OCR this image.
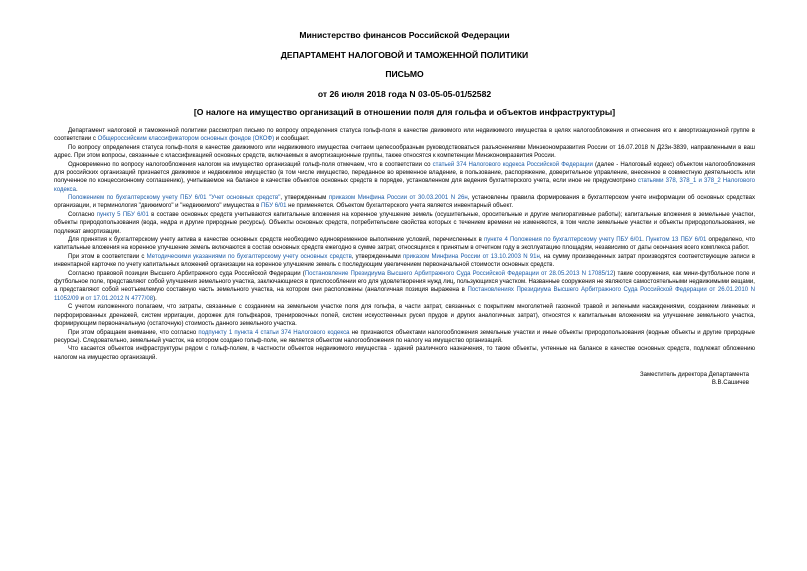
Министерство финансов Российской Федерации
ДЕПАРТАМЕНТ НАЛОГОВОЙ И ТАМОЖЕННОЙ ПОЛИТИКИ
ПИСЬМО
от 26 июля 2018 года N 03-05-05-01/52582
[О налоге на имущество организаций в отношении поля для гольфа и объектов инфраструктуры]

Департамент налоговой и таможенной политики рассмотрел письмо по вопросу определения статуса гольф-поля в качестве движимого или недвижимого имущества в целях налогообложения и отнесения его к амортизационной группе в соответствии с Общероссийским классификатором основных фондов (ОКОФ) и сообщает.

По вопросу определения статуса гольф-поля в качестве движимого или недвижимого имущества считаем целесообразным руководствоваться разъяснениями Минэкономразвития России от 16.07.2018 N Д23и-3839, направленными в ваш адрес. При этом вопросы, связанные с классификацией основных средств, включаемых в амортизационные группы, также относятся к компетенции Минэкономразвития России.

Одновременно по вопросу налогообложения налогом на имущество организаций гольф-поля отмечаем, что в соответствии со статьей 374 Налогового кодекса Российской Федерации (далее - Налоговый кодекс) объектом налогообложения для российских организаций признается движимое и недвижимое имущество (в том числе имущество, переданное во временное владение, в пользование, распоряжение, доверительное управление, внесенное в совместную деятельность или полученное по концессионному соглашению), учитываемое на балансе в качестве объектов основных средств в порядке, установленном для ведения бухгалтерского учета, если иное не предусмотрено статьями 378, 378_1 и 378_2 Налогового кодекса.

Положением по бухгалтерскому учету ПБУ 6/01 "Учет основных средств", утвержденным приказом Минфина России от 30.03.2001 N 26н, установлены правила формирования в бухгалтерском учете информации об основных средствах организации, и терминология "движимого" и "недвижимого" имущества в ПБУ 6/01 не применяется. Объектом бухгалтерского учета является инвентарный объект.

Согласно пункту 5 ПБУ 6/01 в составе основных средств учитываются капитальные вложения на коренное улучшение земель (осушительные, оросительные и другие мелиоративные работы); капитальные вложения в земельные участки, объекты природопользования (вода, недра и другие природные ресурсы). Объекты основных средств, потребительские свойства которых с течением времени не изменяются, в том числе земельные участки и объекты природопользования, не подлежат амортизации.

Для принятия к бухгалтерскому учету актива в качестве основных средств необходимо единовременное выполнение условий, перечисленных в пункте 4 Положения по бухгалтерскому учету ПБУ 6/01. Пунктом 13 ПБУ 6/01 определено, что капитальные вложения на коренное улучшение земель включаются в состав основных средств ежегодно в сумме затрат, относящихся к принятым в отчетном году в эксплуатацию площадям, независимо от даты окончания всего комплекса работ.

При этом в соответствии с Методическими указаниями по бухгалтерскому учету основных средств, утвержденными приказом Минфина России от 13.10.2003 N 91н, на сумму произведенных затрат производятся соответствующие записи в инвентарной карточке по учету капитальных вложений организации на коренное улучшение земель с последующим увеличением первоначальной стоимости основных средств.

Согласно правовой позиции Высшего Арбитражного суда Российской Федерации (Постановление Президиума Высшего Арбитражного Суда Российской Федерации от 28.05.2013 N 17085/12) такие сооружения, как мини-футбольное поле и футбольное поле, представляют собой улучшения земельного участка, заключающиеся в приспособлении его для удовлетворения нужд лиц, пользующихся участком. Названные сооружения не являются самостоятельными недвижимыми вещами, а представляют собой неотъемлемую составную часть земельного участка, на котором они расположены (аналогичная позиция выражена в Постановлениях Президиума Высшего Арбитражного Суда Российской Федерации от 26.01.2010 N 11052/09 и от 17.01.2012 N 4777/08).

С учетом изложенного полагаем, что затраты, связанные с созданием на земельном участке поля для гольфа, в части затрат, связанных с покрытием многолетней газонной травой и зелеными насаждениями, созданием ливневых и перфорированных дренажей, систем ирригации, дорожек для гольфкаров, тренировочных полей, систем искусственных русел прудов и других аналогичных затрат), относятся к капитальным вложениям на улучшение земельного участка, формирующим первоначальную (остаточную) стоимость данного земельного участка.

При этом обращаем внимание, что согласно подпункту 1 пункта 4 статьи 374 Налогового кодекса не признаются объектами налогообложения земельные участки и иные объекты природопользования (водные объекты и другие природные ресурсы). Следовательно, земельный участок, на котором создано гольф-поле, не является объектом налогообложения по налогу на имущество организаций.

Что касается объектов инфраструктуры рядом с гольф-полем, в частности объектов недвижимого имущества - зданий различного назначения, то такие объекты, учтенные на балансе в качестве основных средств, подлежат обложению налогом на имущество организаций.

Заместитель директора Департамента
В.В.Сашичев
